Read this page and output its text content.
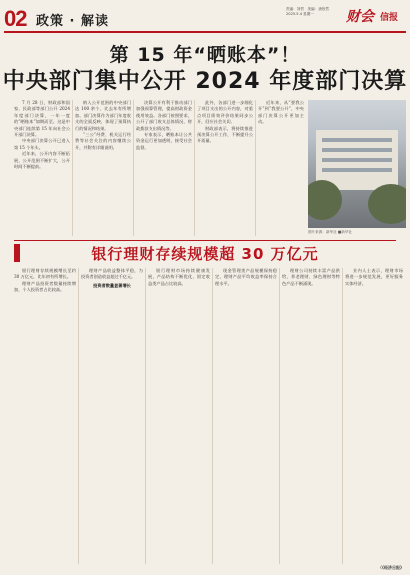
02 政策 · 解读
责编：刘哲　美编：唐欣然　2025.5.4 星期一	财会 信报
第 15 年“晒账本”！
中央部门集中公开 2024 年度部门决算

7 月 28 日，财政部和国家、民政部等部门公开 2024 年度部门决算，一年一度的“晒账本”如期而至。这是中央部门连续第 15 年向社会公开部门决算。

中央部门决算公开已进入第 15 个年头。

近年来，公开内容不断拓展，公开范围不断扩大，公开时间不断提前。

纳入公开范围的中央部门达 100 余个，比去年有所增加。部门决算作为部门年度收支的全面反映，体现了预算执行的情况和结果。

“三公”经费、机关运行经费等社会关注的内容继续公开，并附有详细说明。

决算公开有利于推动部门加强预算管理，提高财政资金使用效益。各部门按照要求，公开了部门收支总体情况、财政拨款支出情况等。

专家表示，晒账本让公共资金运行更加透明，接受社会监督。

此外，各部门进一步细化了项目支出的公开内容，对重点项目绩效评价结果同步公开，回应社会关切。

财政部表示，将持续推进预决算公开工作，不断提升公开质量。

近年来，从“要我公开”到“我要公开”，中央部门决算公开更加主动。

图片来源：新华社 ■新华社
银行理财存续规模超 30 万亿元

银行理财存续规模增长至约 30 万亿元，比年初有所增长。

理财产品投资者数量持续增加，个人投资者占比较高。

理财产品收益整体平稳，为投资者创造收益超过千亿元。

投资者数量显著增长

银行理财市场持续健康发展，产品结构不断优化，固定收益类产品占比较高。

现金管理类产品规模保持稳定，理财产品平均收益率保持合理水平。

理财公司持续丰富产品供给，养老理财、绿色理财等特色产品不断涌现。

业内人士表示，理财市场将进一步规范发展，更好服务实体经济。

（《经济日报》
